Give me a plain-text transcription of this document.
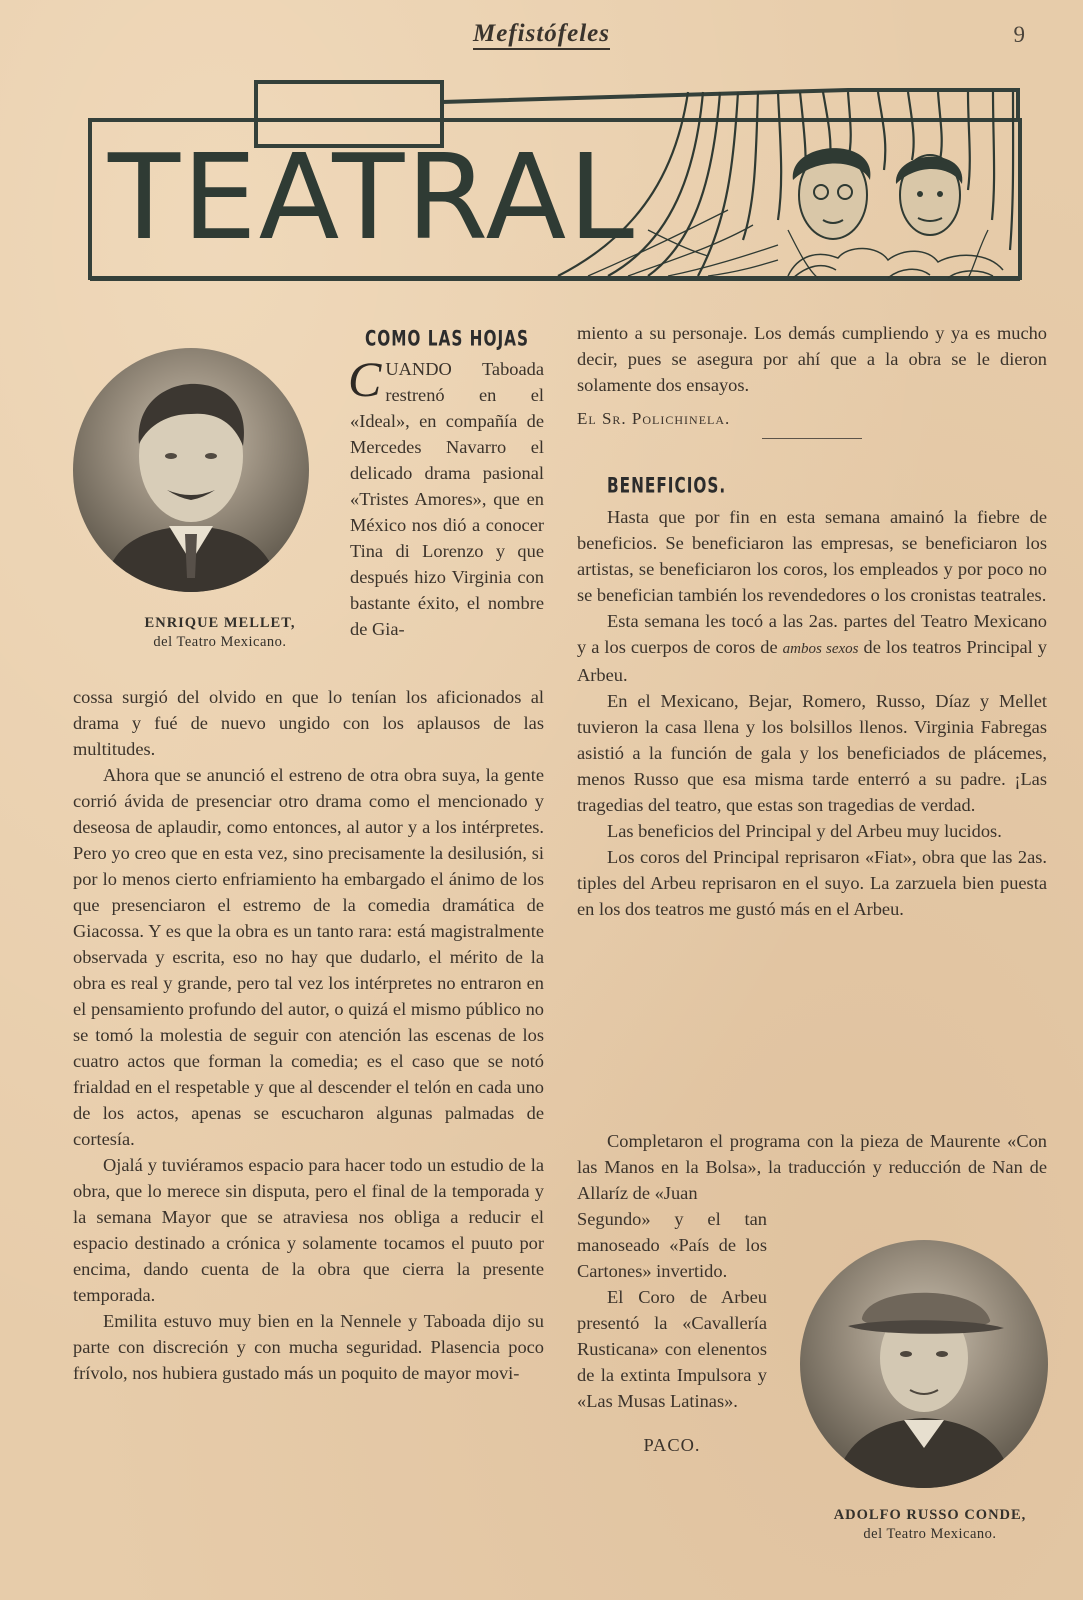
Mefistófeles	9
TEATRAL
ENRIQUE MELLET,
del Teatro Mexicano.
COMO LAS HOJAS

CUANDO Taboada restrenó en el «Ideal», en compañía de Mercedes Navarro el delicado drama pasional «Tristes Amores», que en México nos dió a conocer Tina di Lorenzo y que después hizo Virginia con bastante éxito, el nombre de Gia-

cossa surgió del olvido en que lo tenían los aficionados al drama y fué de nuevo ungido con los aplausos de las multitudes.

Ahora que se anunció el estreno de otra obra suya, la gente corrió ávida de presenciar otro drama como el mencionado y deseosa de aplaudir, como entonces, al autor y a los intérpretes. Pero yo creo que en esta vez, sino precisamente la desilusión, si por lo menos cierto enfriamiento ha embargado el ánimo de los que presenciaron el estremo de la comedia dramática de Giacossa. Y es que la obra es un tanto rara: está magistralmente observada y escrita, eso no hay que dudarlo, el mérito de la obra es real y grande, pero tal vez los intérpretes no entraron en el pensamiento profundo del autor, o quizá el mismo público no se tomó la molestia de seguir con atención las escenas de los cuatro actos que forman la comedia; es el caso que se notó frialdad en el respetable y que al descender el telón en cada uno de los actos, apenas se escucharon algunas palmadas de cortesía.

Ojalá y tuviéramos espacio para hacer todo un estudio de la obra, que lo merece sin disputa, pero el final de la temporada y la semana Mayor que se atraviesa nos obliga a reducir el espacio destinado a crónica y solamente tocamos el puuto por encima, dando cuenta de la obra que cierra la presente temporada.

Emilita estuvo muy bien en la Nennele y Taboada dijo su parte con discreción y con mucha seguridad. Plasencia poco frívolo, nos hubiera gustado más un poquito de mayor movi-

miento a su personaje. Los demás cumpliendo y ya es mucho decir, pues se asegura por ahí que a la obra se le dieron solamente dos ensayos.

El Sr. Polichinela.

BENEFICIOS.

Hasta que por fin en esta semana amainó la fiebre de beneficios. Se beneficiaron las empresas, se beneficiaron los artistas, se beneficiaron los coros, los empleados y por poco no se benefician también los revendedores o los cronistas teatrales.

Esta semana les tocó a las 2as. partes del Teatro Mexicano y a los cuerpos de coros de ambos sexos de los teatros Principal y Arbeu.

En el Mexicano, Bejar, Romero, Russo, Díaz y Mellet tuvieron la casa llena y los bolsillos llenos. Virginia Fabregas asistió a la función de gala y los beneficiados de plácemes, menos Russo que esa misma tarde enterró a su padre. ¡Las tragedias del teatro, que estas son tragedias de verdad.

Las beneficios del Principal y del Arbeu muy lucidos.

Los coros del Principal reprisaron «Fiat», obra que las 2as. tiples del Arbeu reprisaron en el suyo. La zarzuela bien puesta en los dos teatros me gustó más en el Arbeu.

Completaron el programa con la pieza de Maurente «Con las Manos en la Bolsa», la traducción y reducción de Nan de Allaríz de «Juan

Segundo» y el tan manoseado «País de los Cartones» invertido.

El Coro de Arbeu presentó la «Cavallería Rusticana» con elenentos de la extinta Impulsora y «Las Musas Latinas».

PACO.

ADOLFO RUSSO CONDE,
del Teatro Mexicano.
